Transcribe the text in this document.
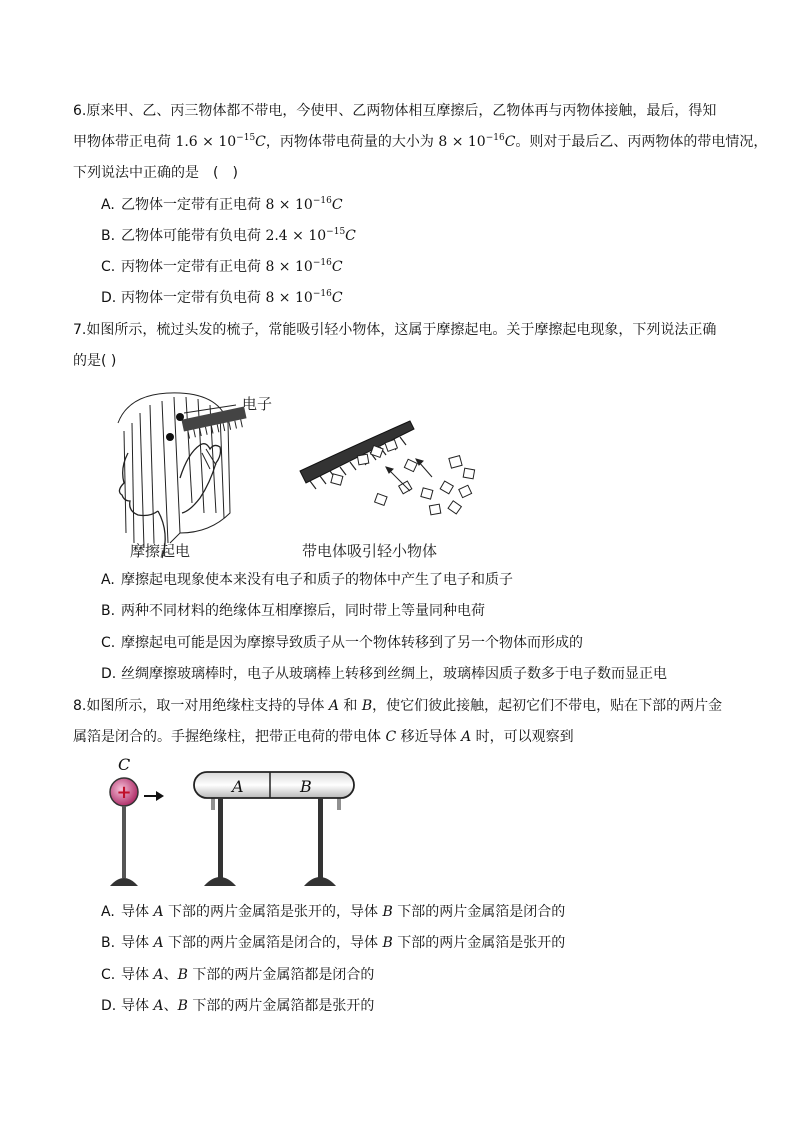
6.原来甲、乙、丙三物体都不带电，今使甲、乙两物体相互摩擦后，乙物体再与丙物体接触，最后，得知
甲物体带正电荷 $1.6 \times 10^{-15}C$，丙物体带电荷量的大小为 $8 \times 10^{-16}C$。则对于最后乙、丙两物体的带电情况，
下列说法中正确的是　(　)
A. 乙物体一定带有正电荷 $8 \times 10^{-16}C$
B. 乙物体可能带有负电荷 $2.4 \times 10^{-15}C$
C. 丙物体一定带有正电荷 $8 \times 10^{-16}C$
D. 丙物体一定带有负电荷 $8 \times 10^{-16}C$
7.如图所示，梳过头发的梳子，常能吸引轻小物体，这属于摩擦起电。关于摩擦起电现象，下列说法正确
的是( )
电子
摩擦起电	带电体吸引轻小物体
A. 摩擦起电现象使本来没有电子和质子的物体中产生了电子和质子
B. 两种不同材料的绝缘体互相摩擦后，同时带上等量同种电荷
C. 摩擦起电可能是因为摩擦导致质子从一个物体转移到了另一个物体而形成的
D. 丝绸摩擦玻璃棒时，电子从玻璃棒上转移到丝绸上，玻璃棒因质子数多于电子数而显正电
8.如图所示，取一对用绝缘柱支持的导体 A 和 B，使它们彼此接触，起初它们不带电，贴在下部的两片金
属箔是闭合的。手握绝缘柱，把带正电荷的带电体 C 移近导体 A 时，可以观察到
C
+	A	B
A. 导体 A 下部的两片金属箔是张开的，导体 B 下部的两片金属箔是闭合的
B. 导体 A 下部的两片金属箔是闭合的，导体 B 下部的两片金属箔是张开的
C. 导体 A、B 下部的两片金属箔都是闭合的
D. 导体 A、B 下部的两片金属箔都是张开的
